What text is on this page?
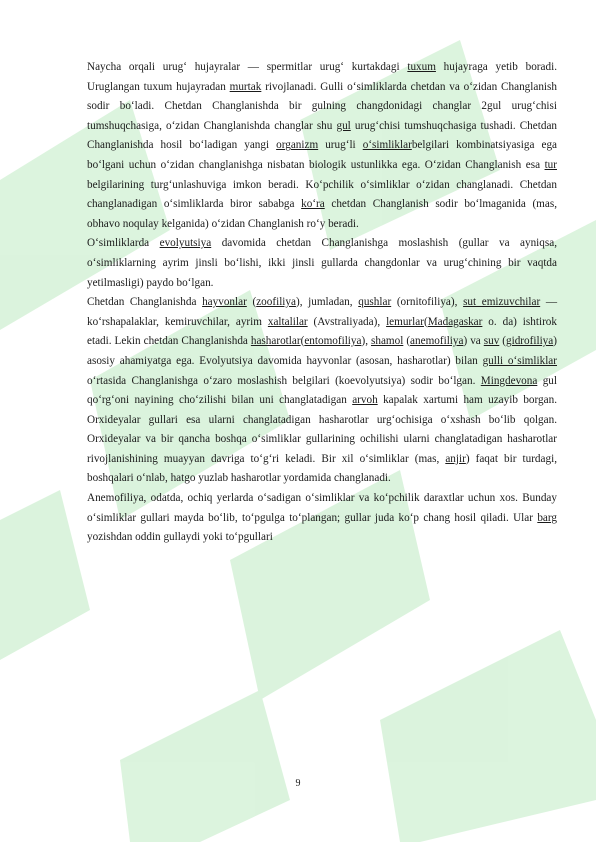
Naycha orqali urug‘ hujayralar — spermitlar urug‘ kurtakdagi tuxum hujayraga yetib boradi. Uruglangan tuxum hujayradan murtak rivojlanadi. Gulli o‘simliklarda chetdan va o‘zidan Changlanish sodir bo‘ladi. Chetdan Changlanishda bir gulning changdonidagi changlar 2gul urug‘chisi tumshuqchasiga, o‘zidan Changlanishda changlar shu gul urug‘chisi tumshuqchasiga tushadi. Chetdan Changlanishda hosil bo‘ladigan yangi organizm urug‘li o‘simliklarbelgilari kombinatsiyasiga ega bo‘lgani uchun o‘zidan changlanishga nisbatan biologik ustunlikka ega. O‘zidan Changlanish esa tur belgilarining turg‘unlashuviga imkon beradi. Ko‘pchilik o‘simliklar o‘zidan changlanadi. Chetdan changlanadigan o‘simliklarda biror sababga ko‘ra chetdan Changlanish sodir bo‘lmaganida (mas, obhavo noqulay kelganida) o‘zidan Changlanish ro‘y beradi.

O‘simliklarda evolyutsiya davomida chetdan Changlanishga moslashish (gullar va ayniqsa, o‘simliklarning ayrim jinsli bo‘lishi, ikki jinsli gullarda changdonlar va urug‘chining bir vaqtda yetilmasligi) paydo bo‘lgan.

Chetdan Changlanishda hayvonlar (zoofiliya), jumladan, qushlar (ornitofiliya), sut emizuvchilar — ko‘rshapalaklar, kemiruvchilar, ayrim xaltalilar (Avstraliyada), lemurlar(Madagaskar o. da) ishtirok etadi. Lekin chetdan Changlanishda hasharotlar(entomofiliya), shamol (anemofiliya) va suv (gidrofiliya) asosiy ahamiyatga ega. Evolyutsiya davomida hayvonlar (asosan, hasharotlar) bilan gulli o‘simliklar o‘rtasida Changlanishga o‘zaro moslashish belgilari (koevolyutsiya) sodir bo‘lgan. Mingdevona gul qo‘rg‘oni nayining cho‘zilishi bilan uni changlatadigan arvoh kapalak xartumi ham uzayib borgan. Orxideyalar gullari esa ularni changlatadigan hasharotlar urg‘ochisiga o‘xshash bo‘lib qolgan. Orxideyalar va bir qancha boshqa o‘simliklar gullarining ochilishi ularni changlatadigan hasharotlar rivojlanishining muayyan davriga to‘g‘ri keladi. Bir xil o‘simliklar (mas, anjir) faqat bir turdagi, boshqalari o‘nlab, hatgo yuzlab hasharotlar yordamida changlanadi.

Anemofiliya, odatda, ochiq yerlarda o‘sadigan o‘simliklar va ko‘pchilik daraxtlar uchun xos. Bunday o‘simliklar gullari mayda bo‘lib, to‘pgulga to‘plangan; gullar juda ko‘p chang hosil qiladi. Ular barg yozishdan oddin gullaydi yoki to‘pgullari

9
